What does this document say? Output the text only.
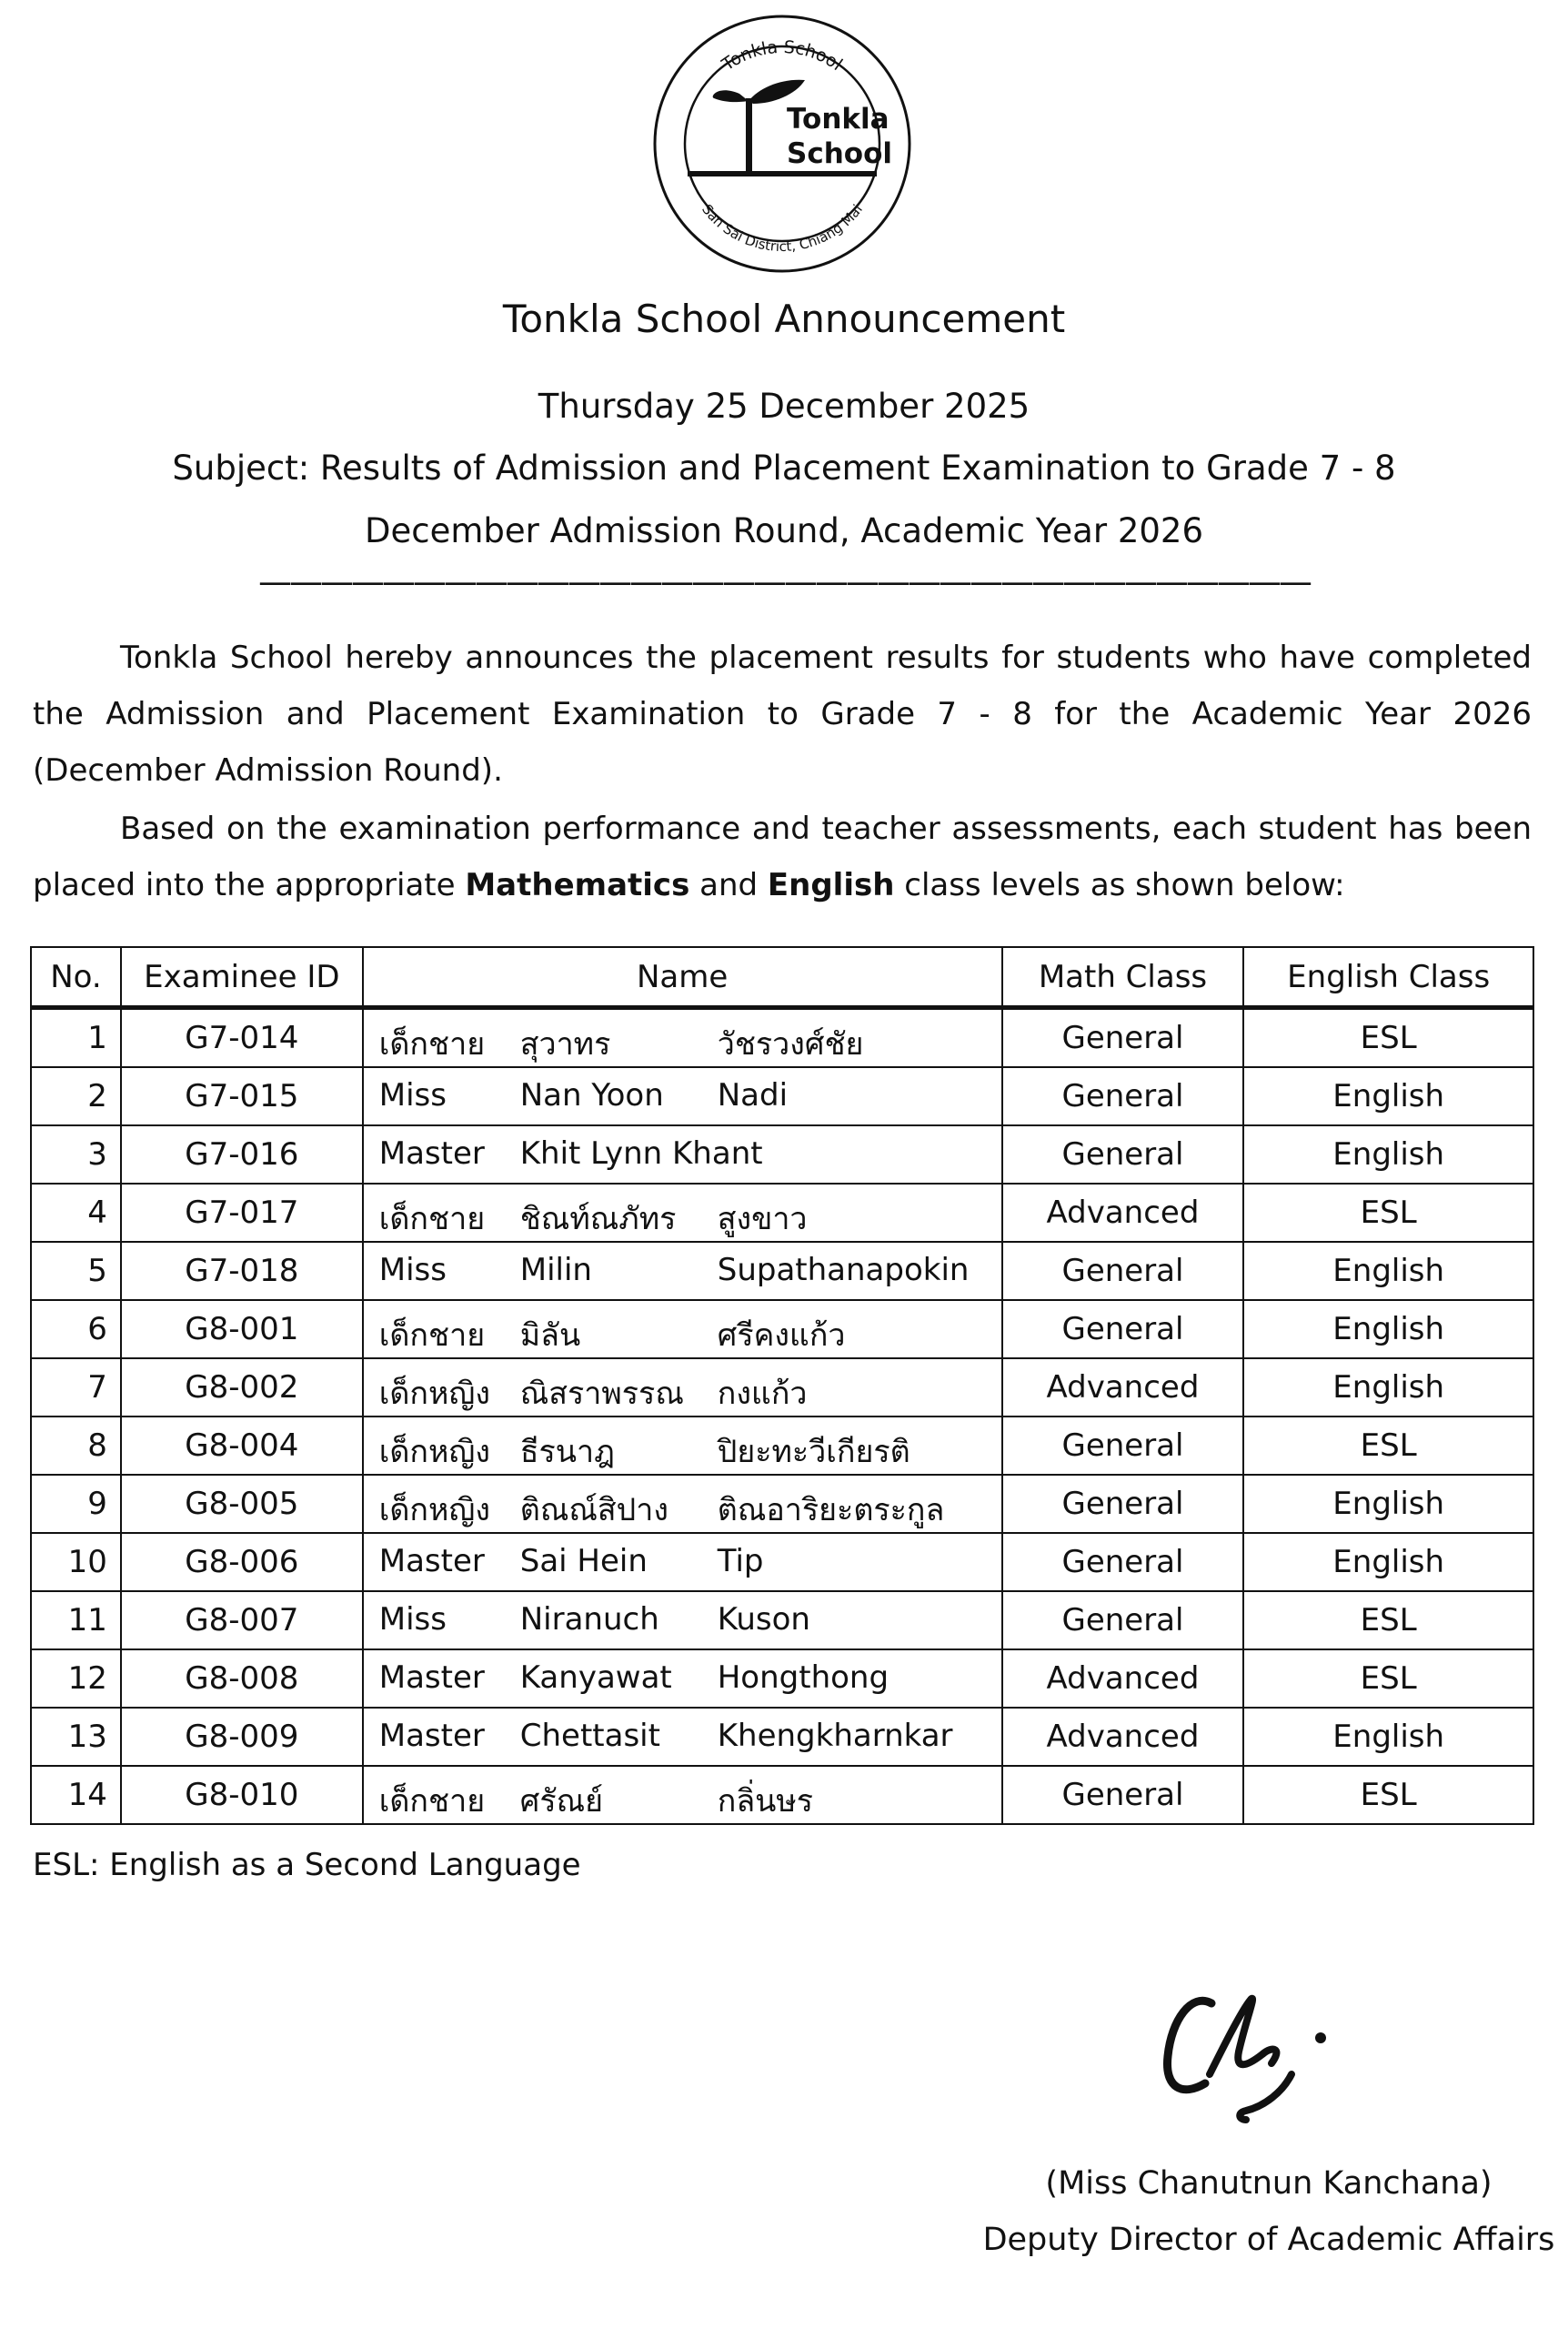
Tonkla School
San Sai District, Chiang Mai
Tonkla
School
Tonkla School Announcement
Thursday 25 December 2025
Subject: Results of Admission and Placement Examination to Grade 7 - 8
December Admission Round, Academic Year 2026
——————————————————————————————————
Tonkla School hereby announces the placement results for students who have completed the Admission and Placement Examination to Grade 7 - 8 for the Academic Year 2026 (December Admission Round).
Based on the examination performance and teacher assessments, each student has been placed into the appropriate Mathematics and English class levels as shown below:
No.	Examinee ID	Name	Math Class	English Class
1	G7-014	เด็กชาย สุวาทร วัชรวงศ์ชัย	General	ESL
2	G7-015	Miss Nan Yoon Nadi	General	English
3	G7-016	Master Khit Lynn Khant	General	English
4	G7-017	เด็กชาย ชิณท์ณภัทร สูงขาว	Advanced	ESL
5	G7-018	Miss Milin Supathanapokin	General	English
6	G8-001	เด็กชาย มิลัน ศรีคงแก้ว	General	English
7	G8-002	เด็กหญิง ณิสราพรรณ กงแก้ว	Advanced	English
8	G8-004	เด็กหญิง ธีรนาฎ ปิยะทะวีเกียรติ	General	ESL
9	G8-005	เด็กหญิง ติณณ์สิปาง ติณอาริยะตระกูล	General	English
10	G8-006	Master Sai Hein Tip	General	English
11	G8-007	Miss Niranuch Kuson	General	ESL
12	G8-008	Master Kanyawat Hongthong	Advanced	ESL
13	G8-009	Master Chettasit Khengkharnkar	Advanced	English
14	G8-010	เด็กชาย ศรัณย์ กลิ่นษร	General	ESL
ESL: English as a Second Language
(Miss Chanutnun Kanchana)
Deputy Director of Academic Affairs
